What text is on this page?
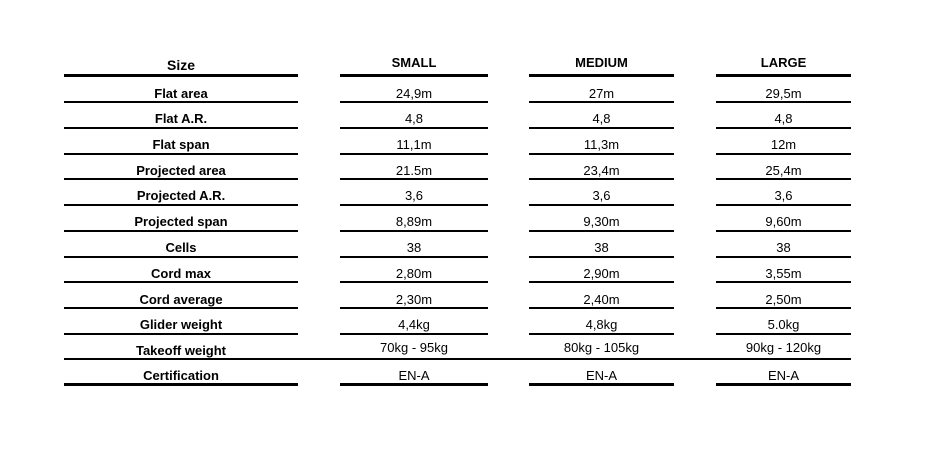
Size
Flat area
Flat A.R.
Flat span
Projected area
Projected A.R.
Projected span
Cells
Cord max
Cord average
Glider weight
Takeoff weight
Certification
SMALL
24,9m
4,8
11,1m
21.5m
3,6
8,89m
38
2,80m
2,30m
4,4kg
70kg - 95kg
EN-A
MEDIUM
27m
4,8
11,3m
23,4m
3,6
9,30m
38
2,90m
2,40m
4,8kg
80kg - 105kg
EN-A
LARGE
29,5m
4,8
12m
25,4m
3,6
9,60m
38
3,55m
2,50m
5.0kg
90kg - 120kg
EN-A
